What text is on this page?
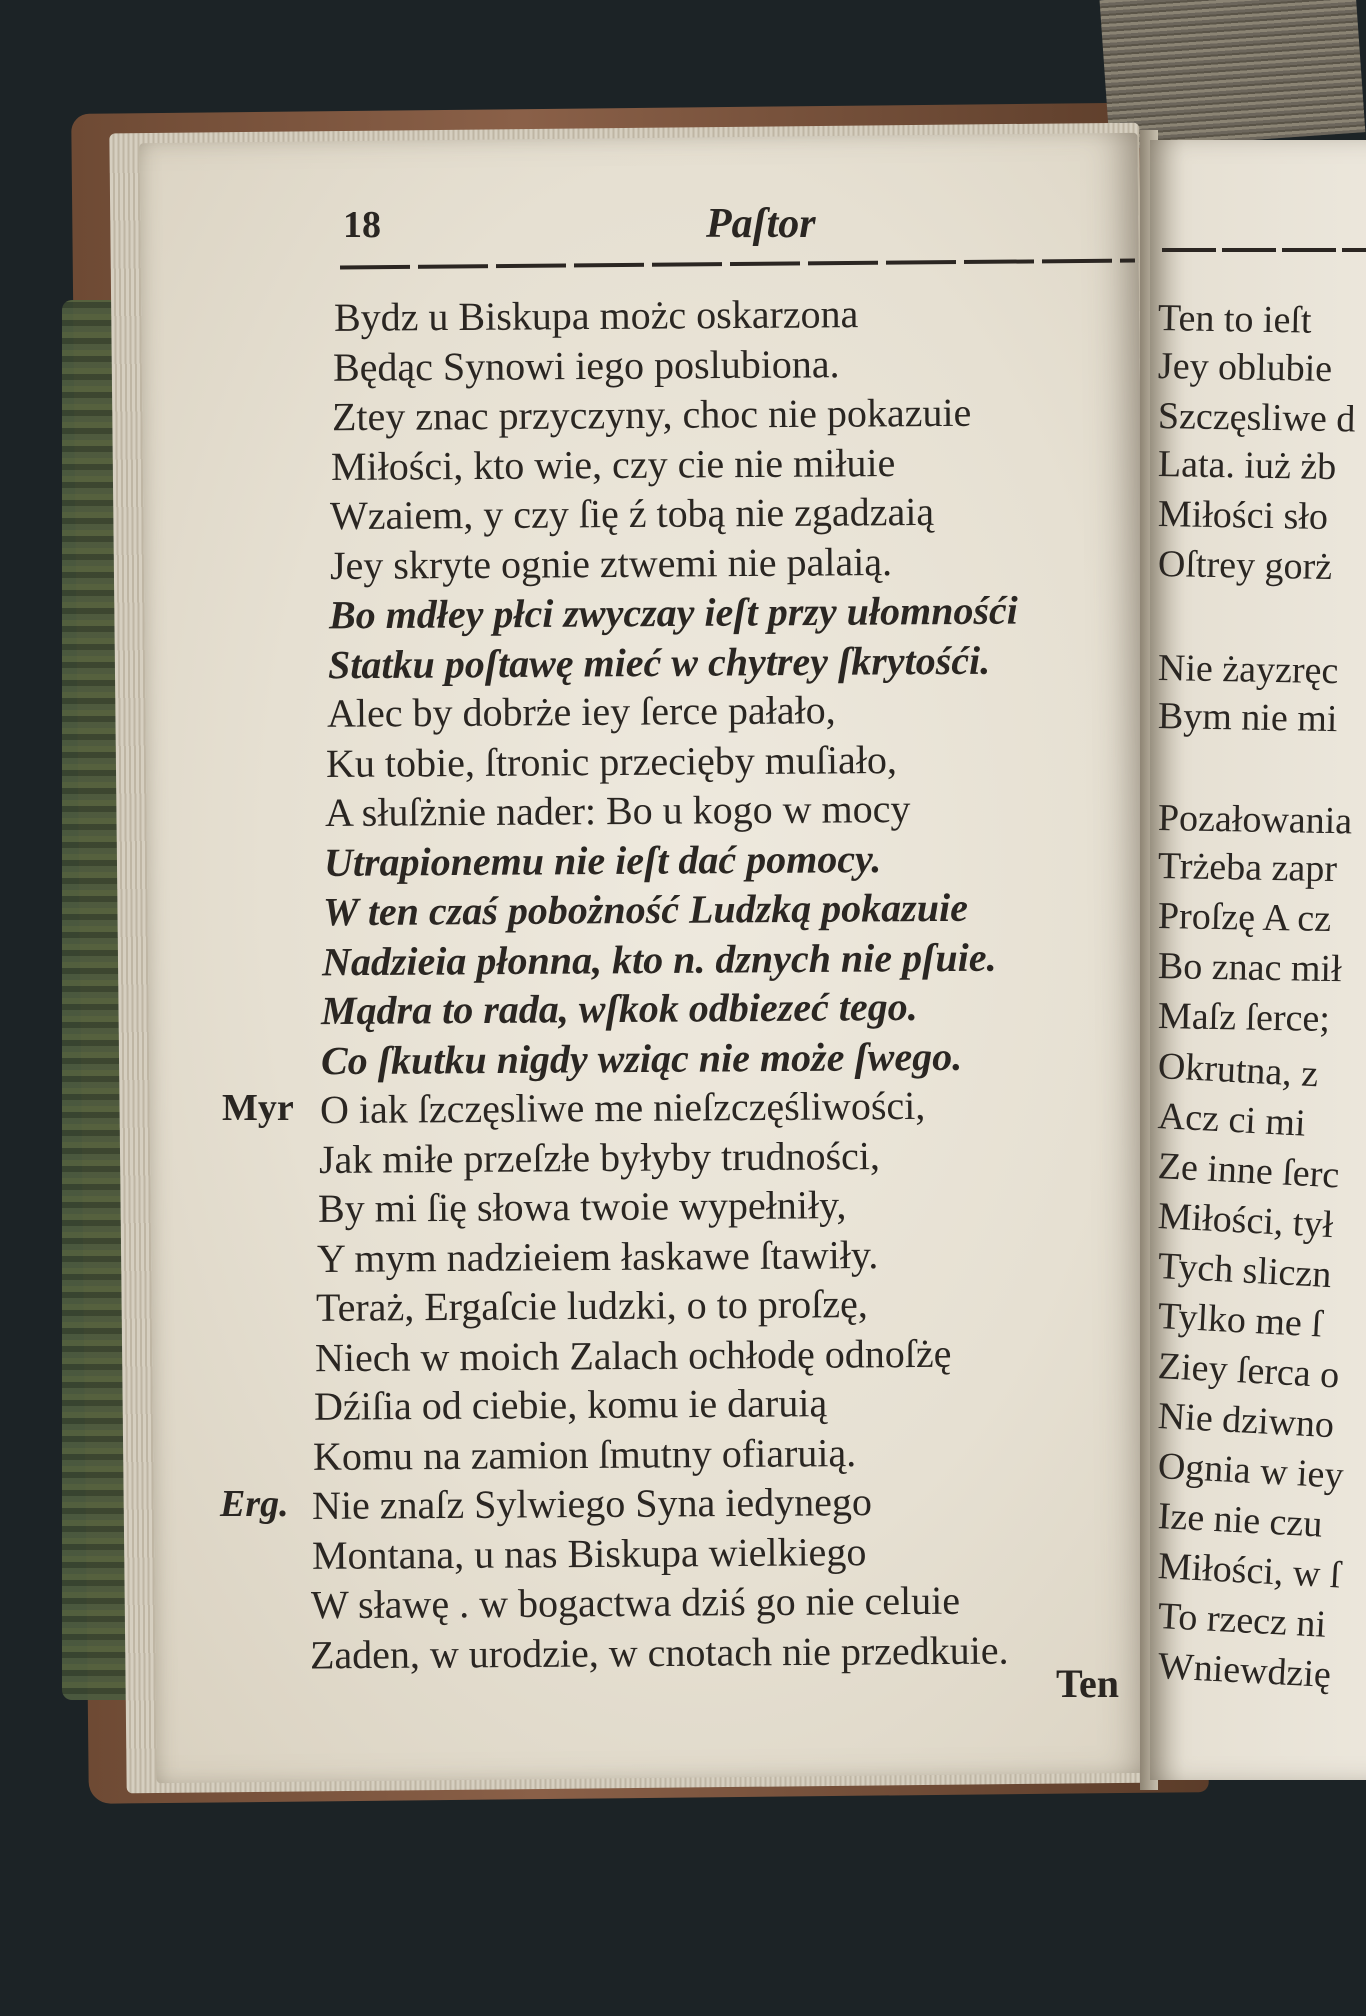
18	Paſtor
Bydz u Biskupa możc oskarzona
Będąc Synowi iego poslubiona.
Ztey znac przyczyny, choc nie pokazuie
Miłości, kto wie, czy cie nie miłuie
Wzaiem, y czy ſię ź tobą nie zgadzaią
Jey skryte ognie ztwemi nie palaią.
Bo mdłey płci zwyczay ieſt przy ułomnośći
Statku poſtawę mieć w chytrey ſkrytośći.
Alec by dobrże iey ſerce pałało,
Ku tobie, ſtronic przecięby muſiało,
A słuſżnie nader: Bo u kogo w mocy
Utrapionemu nie ieſt dać pomocy.
W ten czaś pobożność Ludzką pokazuie
Nadzieia płonna, kto n. dznych nie pſuie.
Mądra to rada, wſkok odbiezeć tego.
Co ſkutku nigdy wziąc nie może ſwego.
O iak ſzczęsliwe me nieſzczęśliwości,
Jak miłe przeſzłe byłyby trudności,
By mi ſię słowa twoie wypełniły,
Y mym nadzieiem łaskawe ſtawiły.
Teraż, Ergaſcie ludzki, o to proſzę,
Niech w moich Zalach ochłodę odnoſżę
Dźiſia od ciebie, komu ie daruią
Komu na zamion ſmutny ofiaruią.
Nie znaſz Sylwiego Syna iedynego
Montana, u nas Biskupa wielkiego
W sławę . w bogactwa dziś go nie celuie
Zaden, w urodzie, w cnotach nie przedkuie.
Myr
Erg.
Ten
Ten to ieſt
Jey oblubie
Szczęsliwe d
Lata. iuż żb
Miłości sło
Oſtrey gorż
Nie żayzręc
Bym nie mi
Pozałowania
Trżeba zapr
Proſzę A cz
Bo znac mił
Maſz ſerce;
Okrutna, z
Acz ci mi
Ze inne ſerc
Miłości, tył
Tych sliczn
Tylko me ſ
Ziey ſerca o
Nie dziwno
Ognia w iey
Ize nie czu
Miłości, w ſ
To rzecz ni
Wniewdzię
